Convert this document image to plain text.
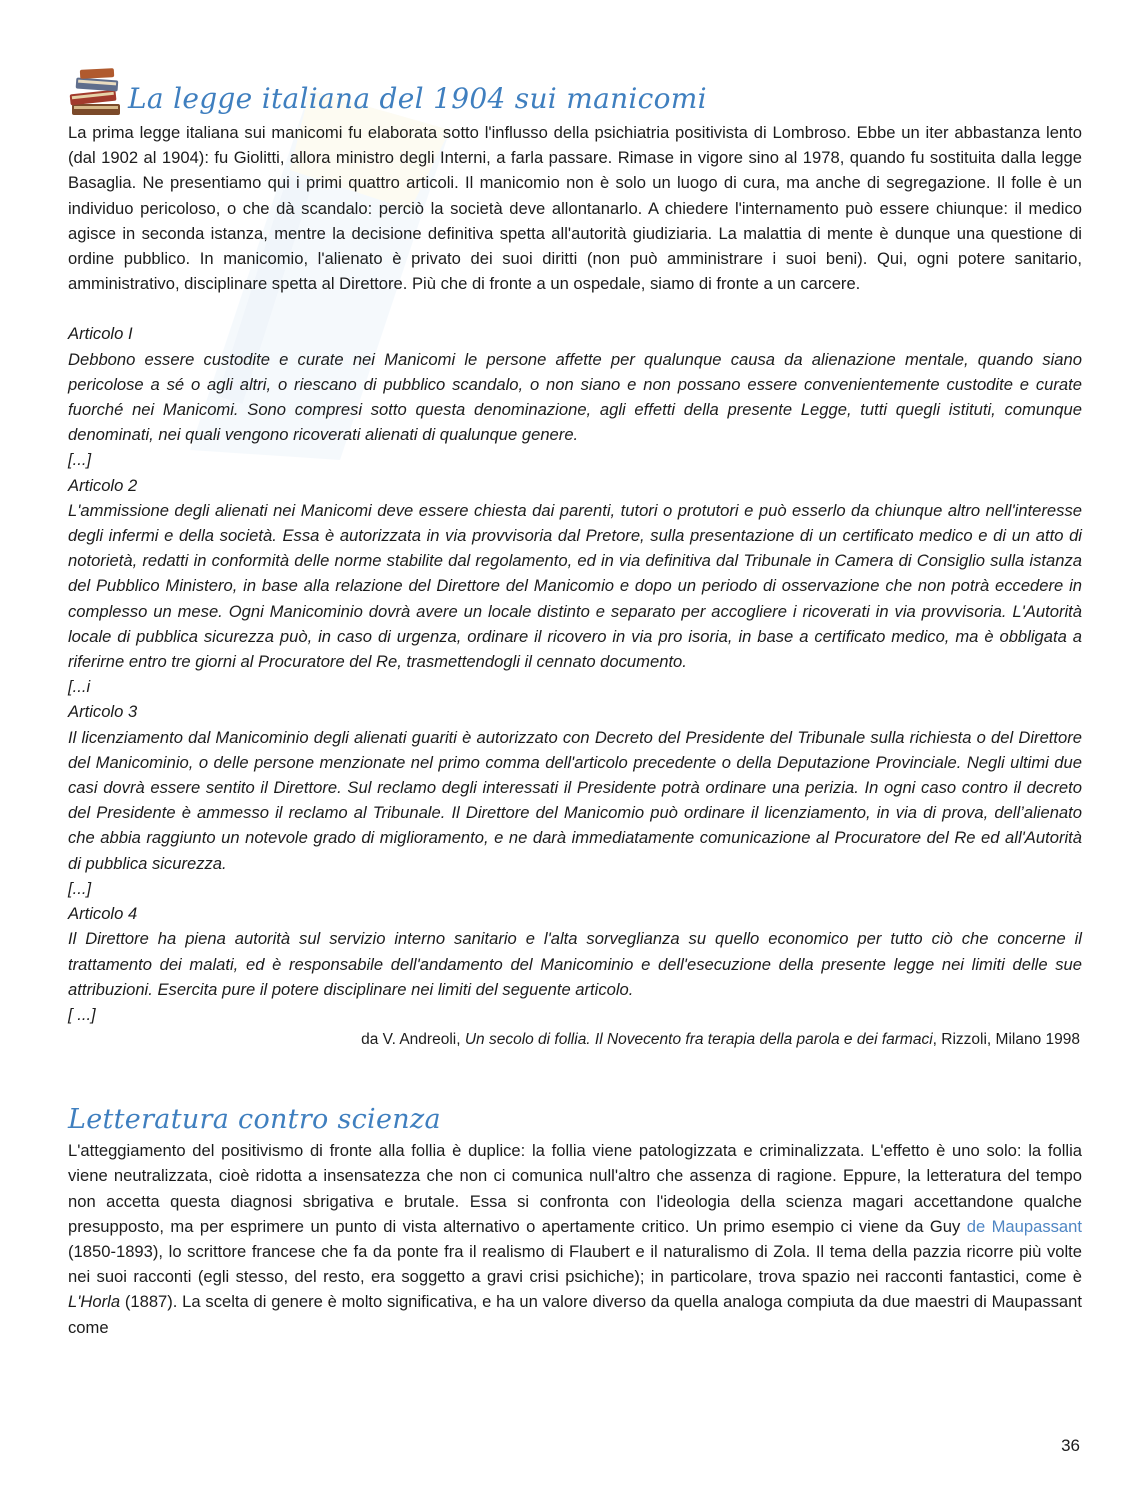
La legge italiana del 1904 sui manicomi

La prima legge italiana sui manicomi fu elaborata sotto l'influsso della psichiatria positivista di Lombroso. Ebbe un iter abbastanza lento (dal 1902 al 1904): fu Giolitti, allora ministro degli Interni, a farla passare. Rimase in vigore sino al 1978, quando fu sostituita dalla legge Basaglia. Ne presentiamo qui i primi quattro articoli. Il manicomio non è solo un luogo di cura, ma anche di segregazione. Il folle è un individuo pericoloso, o che dà scandalo: perciò la società deve allontanarlo. A chiedere l'internamento può essere chiunque: il medico agisce in seconda istanza, mentre la decisione definitiva spetta all'autorità giudiziaria. La malattia di mente è dunque una questione di ordine pubblico. In manicomio, l'alienato è privato dei suoi diritti (non può amministrare i suoi beni). Qui, ogni potere sanitario, amministrativo, disciplinare spetta al Direttore. Più che di fronte a un ospedale, siamo di fronte a un carcere.

Articolo I

Debbono essere custodite e curate nei Manicomi le persone affette per qualunque causa da alienazione mentale, quando siano pericolose a sé o agli altri, o riescano di pubblico scandalo, o non siano e non possano essere convenientemente custodite e curate fuorché nei Manicomi. Sono compresi sotto questa denominazione, agli effetti della presente Legge, tutti quegli istituti, comunque denominati, nei quali vengono ricoverati alienati di qualunque genere.

[...]

Articolo 2

L'ammissione degli alienati nei Manicomi deve essere chiesta dai parenti, tutori o protutori e può esserlo da chiunque altro nell'interesse degli infermi e della società. Essa è autorizzata in via provvisoria dal Pretore, sulla presentazione di un certificato medico e di un atto di notorietà, redatti in conformità delle norme stabilite dal regolamento, ed in via definitiva dal Tribunale in Camera di Consiglio sulla istanza del Pubblico Ministero, in base alla relazione del Direttore del Manicomio e dopo un periodo di osservazione che non potrà eccedere in complesso un mese. Ogni Manicominio dovrà avere un locale distinto e separato per accogliere i ricoverati in via provvisoria. L'Autorità locale di pubblica sicurezza può, in caso di urgenza, ordinare il ricovero in via pro isoria, in base a certificato medico, ma è obbligata a riferirne entro tre giorni al Procuratore del Re, trasmettendogli il cennato documento.

[...i

Articolo 3

Il licenziamento dal Manicominio degli alienati guariti è autorizzato con Decreto del Presidente del Tribunale sulla richiesta o del Direttore del Manicominio, o delle persone menzionate nel primo comma dell'articolo precedente o della Deputazione Provinciale. Negli ultimi due casi dovrà essere sentito il Direttore. Sul reclamo degli interessati il Presidente potrà ordinare una perizia. In ogni caso contro il decreto del Presidente è ammesso il reclamo al Tribunale. Il Direttore del Manicomio può ordinare il licenziamento, in via di prova, dell’alienato che abbia raggiunto un notevole grado di miglioramento, e ne darà immediatamente comunicazione al Procuratore del Re ed all'Autorità di pubblica sicurezza.

[...]

Articolo 4

Il Direttore ha piena autorità sul servizio interno sanitario e l'alta sorveglianza su quello economico per tutto ciò che concerne il trattamento dei malati, ed è responsabile dell'andamento del Manicominio e dell'esecuzione della presente legge nei limiti delle sue attribuzioni. Esercita pure il potere disciplinare nei limiti del seguente articolo.

[ ...]

da V. Andreoli, Un secolo di follia. Il Novecento fra terapia della parola e dei farmaci, Rizzoli, Milano 1998

Letteratura contro scienza

L'atteggiamento del positivismo di fronte alla follia è duplice: la follia viene patologizzata e criminalizzata. L'effetto è uno solo: la follia viene neutralizzata, cioè ridotta a insensatezza che non ci comunica null'altro che assenza di ragione. Eppure, la letteratura del tempo non accetta questa diagnosi sbrigativa e brutale. Essa si confronta con l'ideologia della scienza magari accettandone qualche presupposto, ma per esprimere un punto di vista alternativo o apertamente critico. Un primo esempio ci viene da Guy de Maupassant (1850-1893), lo scrittore francese che fa da ponte fra il realismo di Flaubert e il naturalismo di Zola. Il tema della pazzia ricorre più volte nei suoi racconti (egli stesso, del resto, era soggetto a gravi crisi psichiche); in particolare, trova spazio nei racconti fantastici, come è L'Horla (1887). La scelta di genere è molto significativa, e ha un valore diverso da quella analoga compiuta da due maestri di Maupassant come

36
